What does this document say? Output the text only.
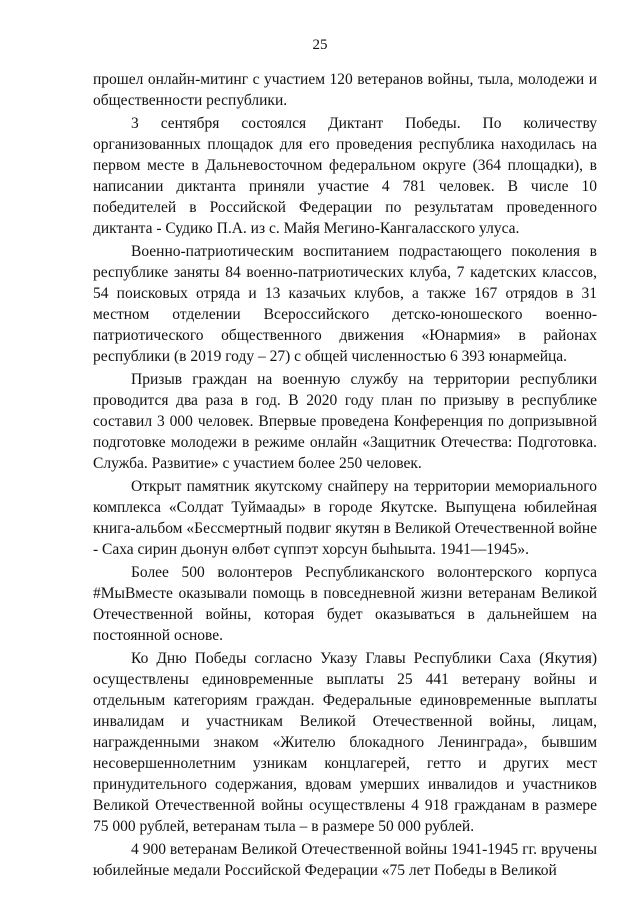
25

прошел онлайн-митинг с участием 120 ветеранов войны, тыла, молодежи и общественности республики.

3 сентября состоялся Диктант Победы. По количеству организованных площадок для его проведения республика находилась на первом месте в Дальневосточном федеральном округе (364 площадки), в написании диктанта приняли участие 4 781 человек. В числе 10 победителей в Российской Федерации по результатам проведенного диктанта - Судико П.А. из с. Майя Мегино-Кангаласского улуса.

Военно-патриотическим воспитанием подрастающего поколения в республике заняты 84 военно-патриотических клуба, 7 кадетских классов, 54 поисковых отряда и 13 казачьих клубов, а также 167 отрядов в 31 местном отделении Всероссийского детско-юношеского военно-патриотического общественного движения «Юнармия» в районах республики (в 2019 году – 27) с общей численностью 6 393 юнармейца.

Призыв граждан на военную службу на территории республики проводится два раза в год. В 2020 году план по призыву в республике составил 3 000 человек. Впервые проведена Конференция по допризывной подготовке молодежи в режиме онлайн «Защитник Отечества: Подготовка. Служба. Развитие» с участием более 250 человек.

Открыт памятник якутскому снайперу на территории мемориального комплекса «Солдат Туймаады» в городе Якутске. Выпущена юбилейная книга-альбом «Бессмертный подвиг якутян в Великой Отечественной войне - Саха сирин дьонун өлбөт сүппэт хорсун быһыыта. 1941—1945».

Более 500 волонтеров Республиканского волонтерского корпуса #МыВместе оказывали помощь в повседневной жизни ветеранам Великой Отечественной войны, которая будет оказываться в дальнейшем на постоянной основе.

Ко Дню Победы согласно Указу Главы Республики Саха (Якутия) осуществлены единовременные выплаты 25 441 ветерану войны и отдельным категориям граждан. Федеральные единовременные выплаты инвалидам и участникам Великой Отечественной войны, лицам, награжденными знаком «Жителю блокадного Ленинграда», бывшим несовершеннолетним узникам концлагерей, гетто и других мест принудительного содержания, вдовам умерших инвалидов и участников Великой Отечественной войны осуществлены 4 918 гражданам в размере 75 000 рублей, ветеранам тыла – в размере 50 000 рублей.

4 900 ветеранам Великой Отечественной войны 1941-1945 гг. вручены юбилейные медали Российской Федерации «75 лет Победы в Великой
